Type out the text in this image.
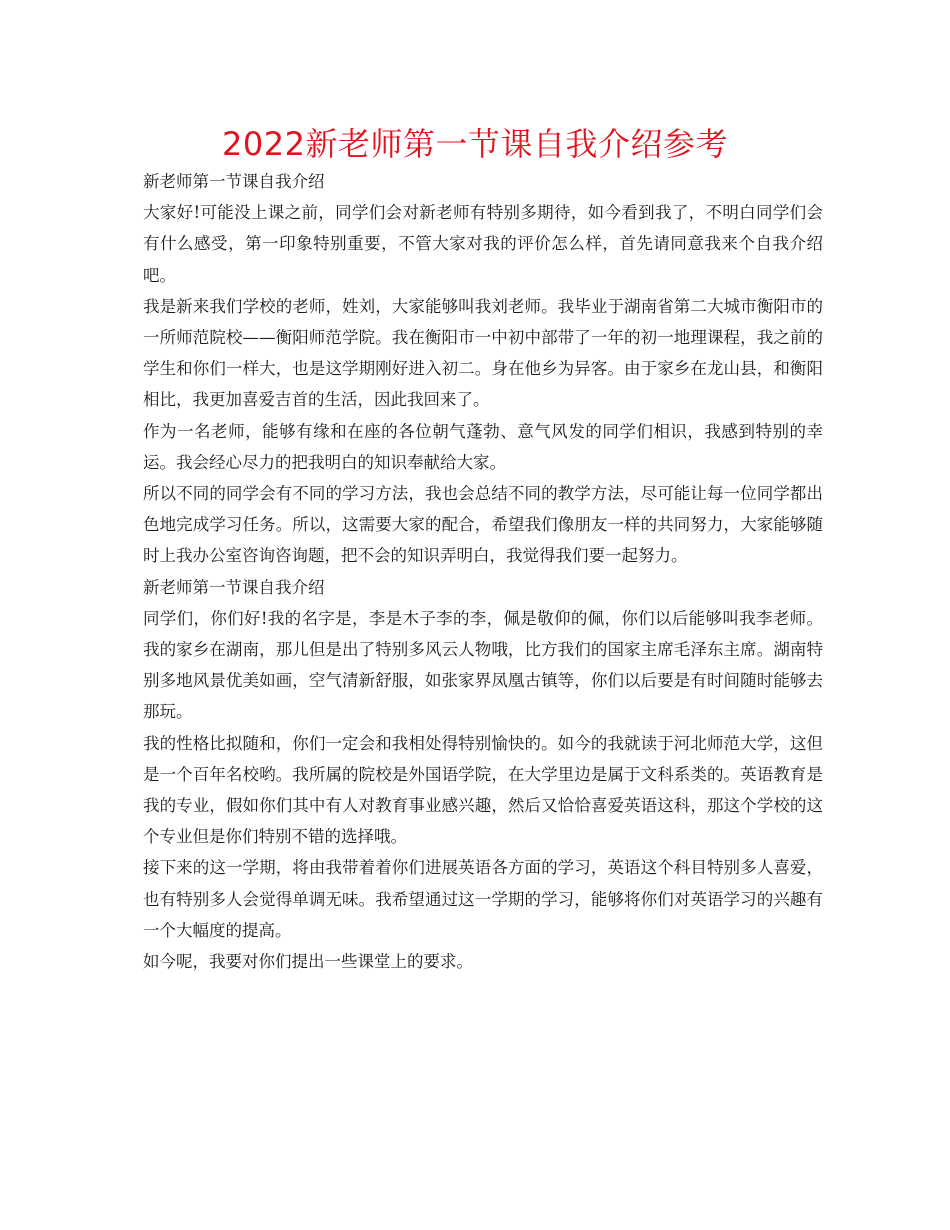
2022新老师第一节课自我介绍参考

新老师第一节课自我介绍

大家好!可能没上课之前，同学们会对新老师有特别多期待，如今看到我了，不明白同学们会有什么感受，第一印象特别重要，不管大家对我的评价怎么样，首先请同意我来个自我介绍吧。

我是新来我们学校的老师，姓刘，大家能够叫我刘老师。我毕业于湖南省第二大城市衡阳市的一所师范院校——衡阳师范学院。我在衡阳市一中初中部带了一年的初一地理课程，我之前的学生和你们一样大，也是这学期刚好进入初二。身在他乡为异客。由于家乡在龙山县，和衡阳相比，我更加喜爱吉首的生活，因此我回来了。

作为一名老师，能够有缘和在座的各位朝气蓬勃、意气风发的同学们相识，我感到特别的幸运。我会经心尽力的把我明白的知识奉献给大家。

所以不同的同学会有不同的学习方法，我也会总结不同的教学方法，尽可能让每一位同学都出色地完成学习任务。所以，这需要大家的配合，希望我们像朋友一样的共同努力，大家能够随时上我办公室咨询咨询题，把不会的知识弄明白，我觉得我们要一起努力。

新老师第一节课自我介绍

同学们，你们好!我的名字是，李是木子李的李，佩是敬仰的佩，你们以后能够叫我李老师。我的家乡在湖南，那儿但是出了特别多风云人物哦，比方我们的国家主席毛泽东主席。湖南特别多地风景优美如画，空气清新舒服，如张家界凤凰古镇等，你们以后要是有时间随时能够去那玩。

我的性格比拟随和，你们一定会和我相处得特别愉快的。如今的我就读于河北师范大学，这但是一个百年名校哟。我所属的院校是外国语学院，在大学里边是属于文科系类的。英语教育是我的专业，假如你们其中有人对教育事业感兴趣，然后又恰恰喜爱英语这科，那这个学校的这个专业但是你们特别不错的选择哦。

接下来的这一学期，将由我带着着你们进展英语各方面的学习，英语这个科目特别多人喜爱，也有特别多人会觉得单调无味。我希望通过这一学期的学习，能够将你们对英语学习的兴趣有一个大幅度的提高。

如今呢，我要对你们提出一些课堂上的要求。
